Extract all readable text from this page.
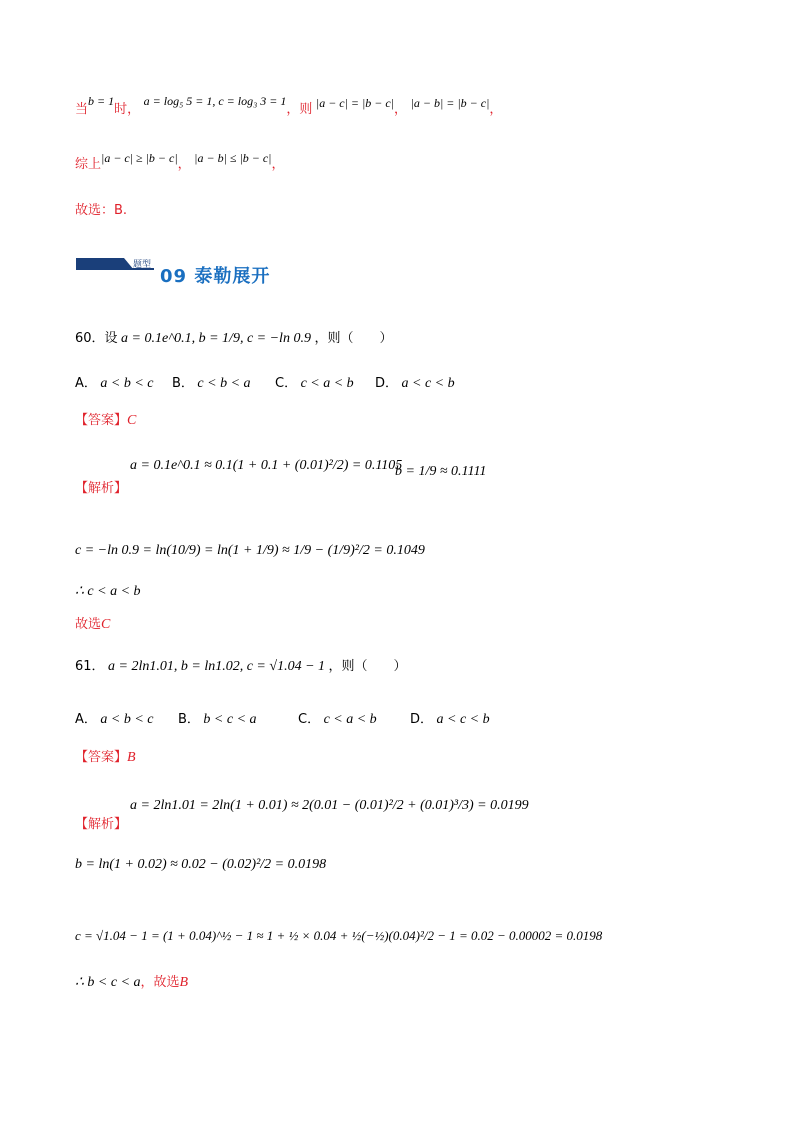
当b = 1时， a = log₅ 5 = 1, c = log₃ 3 = 1，则 |a − c| = |b − c|， |a − b| = |b − c|，
综上|a − c| ≥ |b − c|， |a − b| ≤ |b − c|，
故选：B.
题型
09 泰勒展开
60．设 a = 0.1e^0.1, b = 1/9, c = −ln 0.9 ，则（　　）
A． a < b < c B． c < b < a C． c < a < b D． a < c < b
【答案】C
【解析】
a = 0.1e^0.1 ≈ 0.1(1 + 0.1 + (0.01)²/2) = 0.1105
b = 1/9 ≈ 0.1111
c = −ln 0.9 = ln(10/9) = ln(1 + 1/9) ≈ 1/9 − (1/9)²/2 = 0.1049
∴ c < a < b
故选C
61． a = 2ln1.01, b = ln1.02, c = √1.04 − 1 ，则（　　）
A． a < b < c B． b < c < a	C． c < a < b	D． a < c < b
【答案】B
【解析】
a = 2ln1.01 = 2ln(1 + 0.01) ≈ 2(0.01 − (0.01)²/2 + (0.01)³/3) = 0.0199
b = ln(1 + 0.02) ≈ 0.02 − (0.02)²/2 = 0.0198
c = √1.04 − 1 = (1 + 0.04)^½ − 1 ≈ 1 + ½ × 0.04 + ½(−½)(0.04)²/2 − 1 = 0.02 − 0.00002 = 0.0198
∴ b < c < a，故选B
